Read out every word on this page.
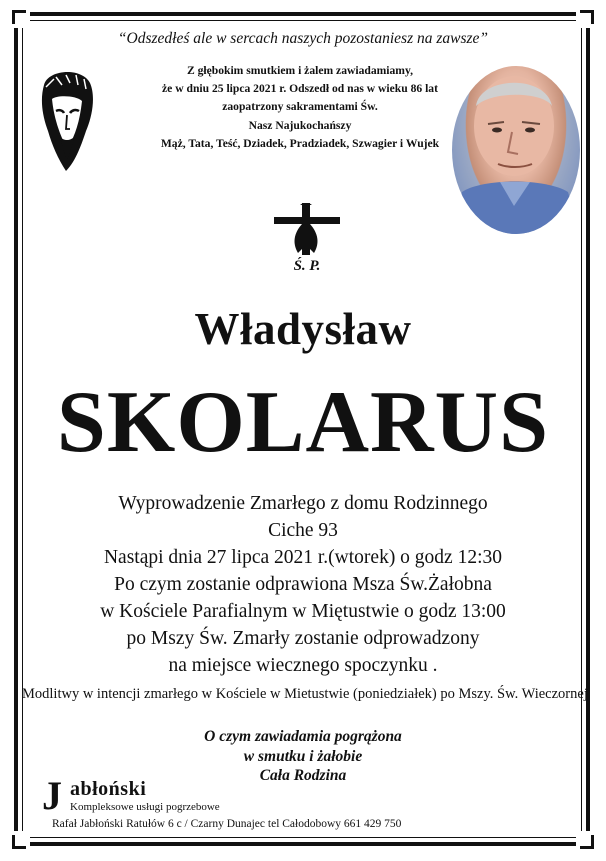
“Odszedłeś ale w sercach naszych pozostaniesz na zawsze”
Z głębokim smutkiem i żalem zawiadamiamy,
że w dniu 25 lipca 2021 r. Odszedł od nas w wieku 86 lat
zaopatrzony sakramentami Św.
Nasz Najukochańszy
Mąż, Tata, Teść, Dziadek, Pradziadek, Szwagier i Wujek
Ś. P.
Władysław
SKOLARUS
Wyprowadzenie Zmarłego z domu Rodzinnego
Ciche 93
Nastąpi dnia 27 lipca 2021 r.(wtorek) o godz 12:30
Po czym zostanie odprawiona Msza Św.Żałobna
w Kościele Parafialnym w Miętustwie o godz 13:00
po Mszy Św. Zmarły zostanie odprowadzony
na miejsce wiecznego spoczynku .
Modlitwy w intencji zmarłego w Kościele w Mietustwie (poniedziałek) po Mszy. Św. Wieczornej
O czym zawiadamia pogrążona
w smutku i żałobie
Cała Rodzina
J abłoński
Kompleksowe usługi pogrzebowe
Rafał Jabłoński Ratułów 6 c / Czarny Dunajec tel Całodobowy 661 429 750
